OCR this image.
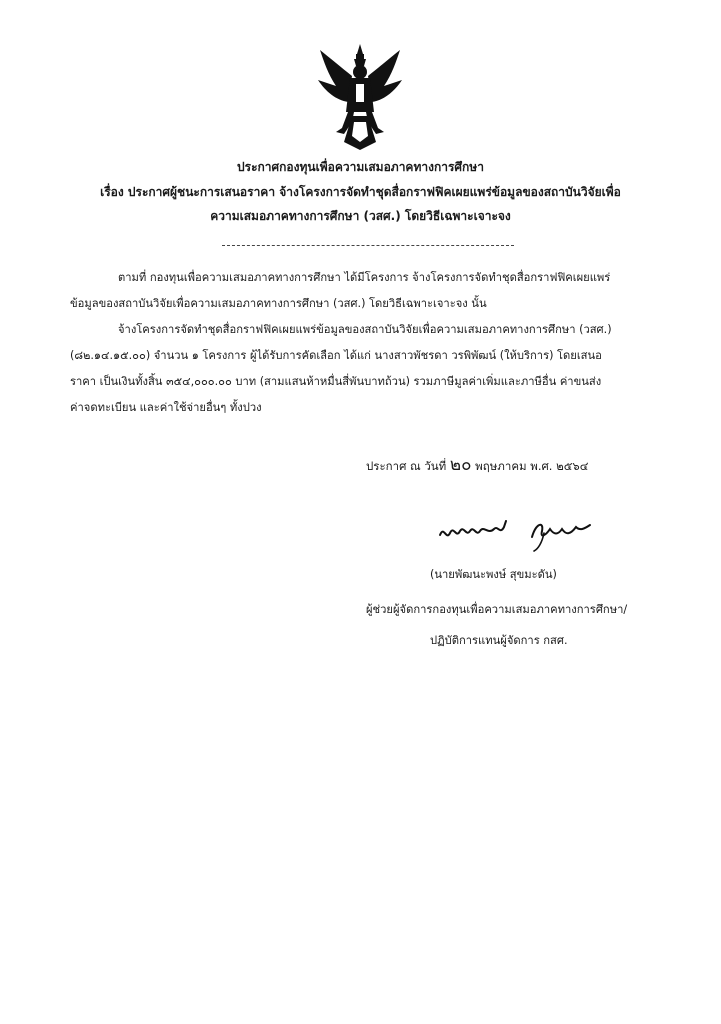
ประกาศกองทุนเพื่อความเสมอภาคทางการศึกษา
เรื่อง ประกาศผู้ชนะการเสนอราคา จ้างโครงการจัดทำชุดสื่อกราฟฟิคเผยแพร่ข้อมูลของสถาบันวิจัยเพื่อ
ความเสมอภาคทางการศึกษา (วสศ.) โดยวิธีเฉพาะเจาะจง
ตามที่ กองทุนเพื่อความเสมอภาคทางการศึกษา ได้มีโครงการ จ้างโครงการจัดทำชุดสื่อกราฟฟิคเผยแพร่
ข้อมูลของสถาบันวิจัยเพื่อความเสมอภาคทางการศึกษา (วสศ.) โดยวิธีเฉพาะเจาะจง นั้น
จ้างโครงการจัดทำชุดสื่อกราฟฟิคเผยแพร่ข้อมูลของสถาบันวิจัยเพื่อความเสมอภาคทางการศึกษา (วสศ.)
(๘๒.๑๔.๑๕.๐๐) จำนวน ๑ โครงการ ผู้ได้รับการคัดเลือก ได้แก่ นางสาวพัชรดา วรพิพัฒน์ (ให้บริการ) โดยเสนอ
ราคา เป็นเงินทั้งสิ้น ๓๕๔,๐๐๐.๐๐ บาท (สามแสนห้าหมื่นสี่พันบาทถ้วน) รวมภาษีมูลค่าเพิ่มและภาษีอื่น ค่าขนส่ง
ค่าจดทะเบียน และค่าใช้จ่ายอื่นๆ ทั้งปวง
ประกาศ ณ วันที่ ๒๐ พฤษภาคม พ.ศ. ๒๕๖๔
(นายพัฒนะพงษ์ สุขมะดัน)
ผู้ช่วยผู้จัดการกองทุนเพื่อความเสมอภาคทางการศึกษา/
ปฏิบัติการแทนผู้จัดการ กสศ.
